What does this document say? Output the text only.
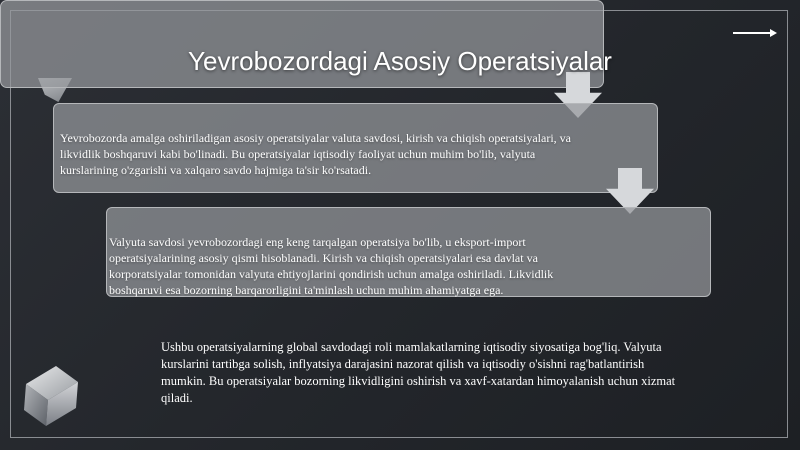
Yevrobozordagi Asosiy Operatsiyalar
Yevrobozorda amalga oshiriladigan asosiy operatsiyalar valuta savdosi, kirish va chiqish operatsiyalari, va likvidlik boshqaruvi kabi bo'linadi. Bu operatsiyalar iqtisodiy faoliyat uchun muhim bo'lib, valyuta kurslarining o'zgarishi va xalqaro savdo hajmiga ta'sir ko'rsatadi.
Valyuta savdosi yevrobozordagi eng keng tarqalgan operatsiya bo'lib, u eksport-import operatsiyalarining asosiy qismi hisoblanadi. Kirish va chiqish operatsiyalari esa davlat va korporatsiyalar tomonidan valyuta ehtiyojlarini qondirish uchun amalga oshiriladi. Likvidlik boshqaruvi esa bozorning barqarorligini ta'minlash uchun muhim ahamiyatga ega.
Ushbu operatsiyalarning global savdodagi roli mamlakatlarning iqtisodiy siyosatiga bog'liq. Valyuta kurslarini tartibga solish, inflyatsiya darajasini nazorat qilish va iqtisodiy o'sishni rag'batlantirish mumkin. Bu operatsiyalar bozorning likvidligini oshirish va xavf-xatardan himoyalanish uchun xizmat qiladi.
